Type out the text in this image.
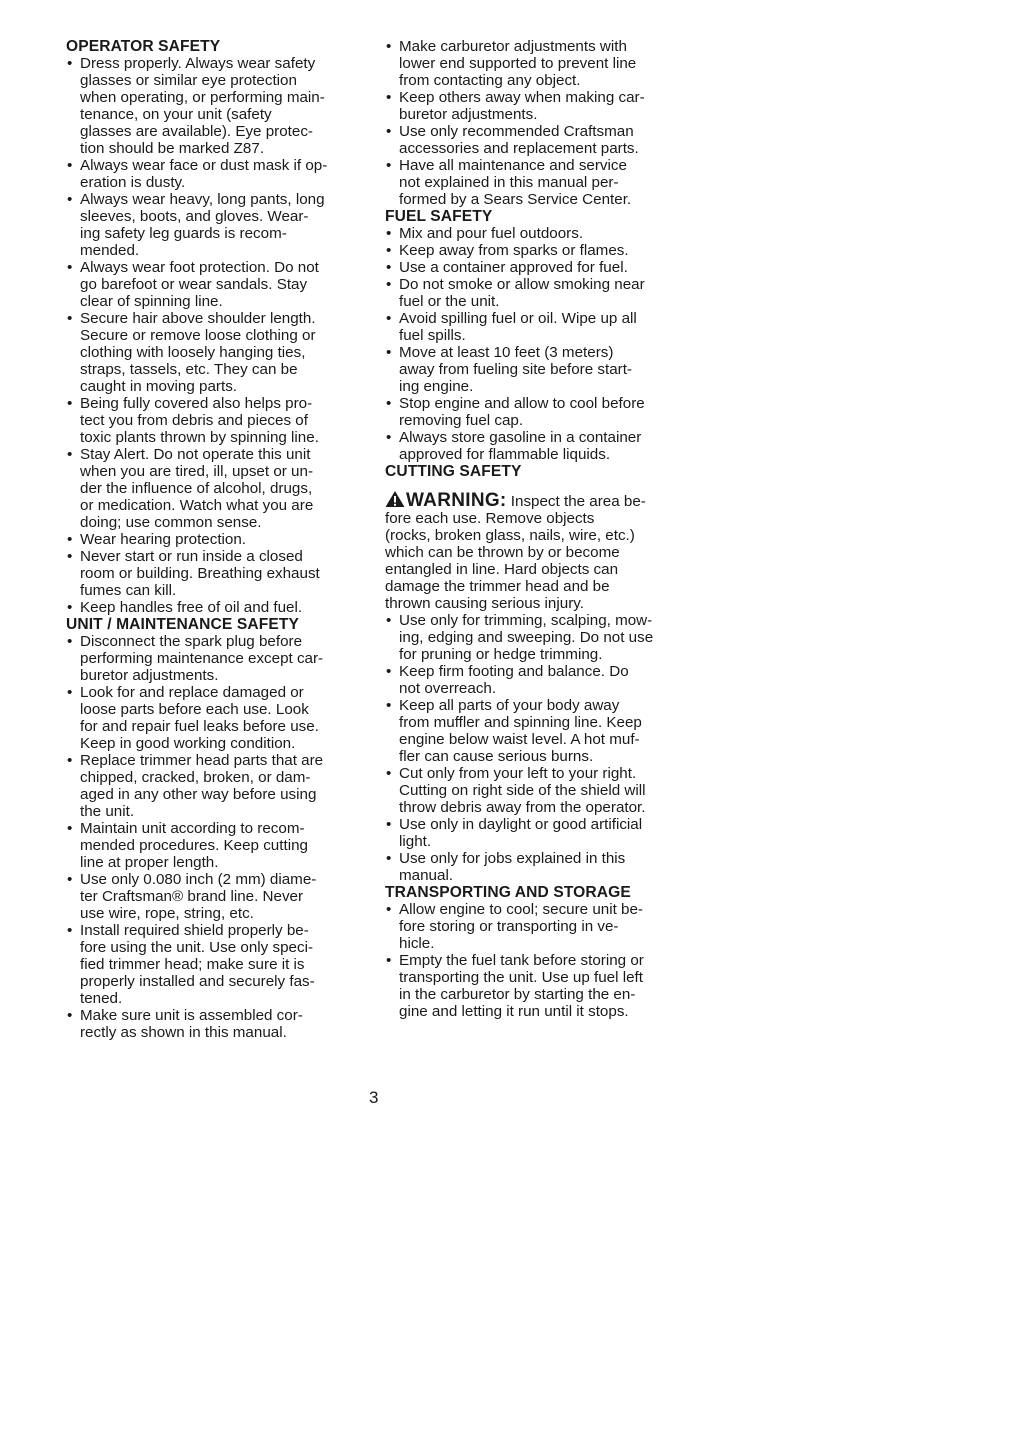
OPERATOR SAFETY
• Dress properly. Always wear safety
glasses or similar eye protection
when operating, or performing main-
tenance, on your unit (safety
glasses are available). Eye protec-
tion should be marked Z87.
• Always wear face or dust mask if op-
eration is dusty.
• Always wear heavy, long pants, long
sleeves, boots, and gloves. Wear-
ing safety leg guards is recom-
mended.
• Always wear foot protection. Do not
go barefoot or wear sandals. Stay
clear of spinning line.
• Secure hair above shoulder length.
Secure or remove loose clothing or
clothing with loosely hanging ties,
straps, tassels, etc. They can be
caught in moving parts.
• Being fully covered also helps pro-
tect you from debris and pieces of
toxic plants thrown by spinning line.
• Stay Alert. Do not operate this unit
when you are tired, ill, upset or un-
der the influence of alcohol, drugs,
or medication. Watch what you are
doing; use common sense.
• Wear hearing protection.
• Never start or run inside a closed
room or building. Breathing exhaust
fumes can kill.
• Keep handles free of oil and fuel.
UNIT / MAINTENANCE SAFETY
• Disconnect the spark plug before
performing maintenance except car-
buretor adjustments.
• Look for and replace damaged or
loose parts before each use. Look
for and repair fuel leaks before use.
Keep in good working condition.
• Replace trimmer head parts that are
chipped, cracked, broken, or dam-
aged in any other way before using
the unit.
• Maintain unit according to recom-
mended procedures. Keep cutting
line at proper length.
• Use only 0.080 inch (2 mm) diame-
ter Craftsman® brand line. Never
use wire, rope, string, etc.
• Install required shield properly be-
fore using the unit. Use only speci-
fied trimmer head; make sure it is
properly installed and securely fas-
tened.
• Make sure unit is assembled cor-
rectly as shown in this manual.
• Make carburetor adjustments with
lower end supported to prevent line
from contacting any object.
• Keep others away when making car-
buretor adjustments.
• Use only recommended Craftsman
accessories and replacement parts.
• Have all maintenance and service
not explained in this manual per-
formed by a Sears Service Center.
FUEL SAFETY
• Mix and pour fuel outdoors.
• Keep away from sparks or flames.
• Use a container approved for fuel.
• Do not smoke or allow smoking near
fuel or the unit.
• Avoid spilling fuel or oil. Wipe up all
fuel spills.
• Move at least 10 feet (3 meters)
away from fueling site before start-
ing engine.
• Stop engine and allow to cool before
removing fuel cap.
• Always store gasoline in a container
approved for flammable liquids.
CUTTING SAFETY

WARNING: Inspect the area be-
fore each use. Remove objects
(rocks, broken glass, nails, wire, etc.)
which can be thrown by or become
entangled in line. Hard objects can
damage the trimmer head and be
thrown causing serious injury.

• Use only for trimming, scalping, mow-
ing, edging and sweeping. Do not use
for pruning or hedge trimming.
• Keep firm footing and balance. Do
not overreach.
• Keep all parts of your body away
from muffler and spinning line. Keep
engine below waist level. A hot muf-
fler can cause serious burns.
• Cut only from your left to your right.
Cutting on right side of the shield will
throw debris away from the operator.
• Use only in daylight or good artificial
light.
• Use only for jobs explained in this
manual.
TRANSPORTING AND STORAGE
• Allow engine to cool; secure unit be-
fore storing or transporting in ve-
hicle.
• Empty the fuel tank before storing or
transporting the unit. Use up fuel left
in the carburetor by starting the en-
gine and letting it run until it stops.
3
